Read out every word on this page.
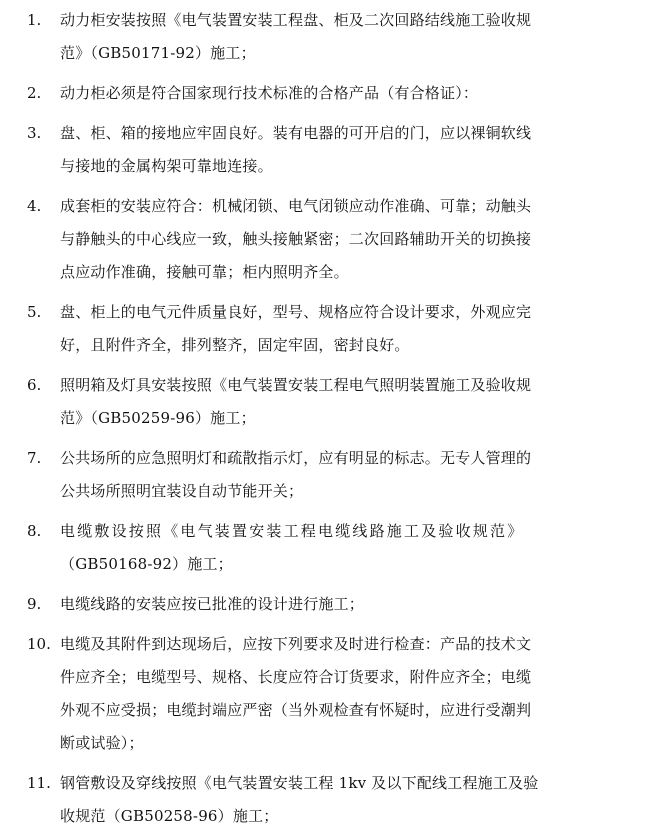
1.	动力柜安装按照《电气装置安装工程盘、柜及二次回路结线施工验收规
范》（GB50171-92）施工；
2.	动力柜必须是符合国家现行技术标准的合格产品（有合格证）：
3.	盘、柜、箱的接地应牢固良好。装有电器的可开启的门，应以裸铜软线
与接地的金属构架可靠地连接。
4.	成套柜的安装应符合：机械闭锁、电气闭锁应动作准确、可靠；动触头
与静触头的中心线应一致，触头接触紧密；二次回路辅助开关的切换接
点应动作准确，接触可靠；柜内照明齐全。
5.	盘、柜上的电气元件质量良好，型号、规格应符合设计要求，外观应完
好，且附件齐全，排列整齐，固定牢固，密封良好。
6.	照明箱及灯具安装按照《电气装置安装工程电气照明装置施工及验收规
范》（GB50259-96）施工；
7.	公共场所的应急照明灯和疏散指示灯，应有明显的标志。无专人管理的
公共场所照明宜装设自动节能开关；
8.	电缆敷设按照《电气装置安装工程电缆线路施工及验收规范》
（GB50168-92）施工；
9.	电缆线路的安装应按已批准的设计进行施工；
10. 电缆及其附件到达现场后，应按下列要求及时进行检查：产品的技术文
件应齐全；电缆型号、规格、长度应符合订货要求，附件应齐全；电缆
外观不应受损；电缆封端应严密（当外观检查有怀疑时，应进行受潮判
断或试验）；
11. 钢管敷设及穿线按照《电气装置安装工程 1kv 及以下配线工程施工及验
收规范（GB50258-96）施工；
